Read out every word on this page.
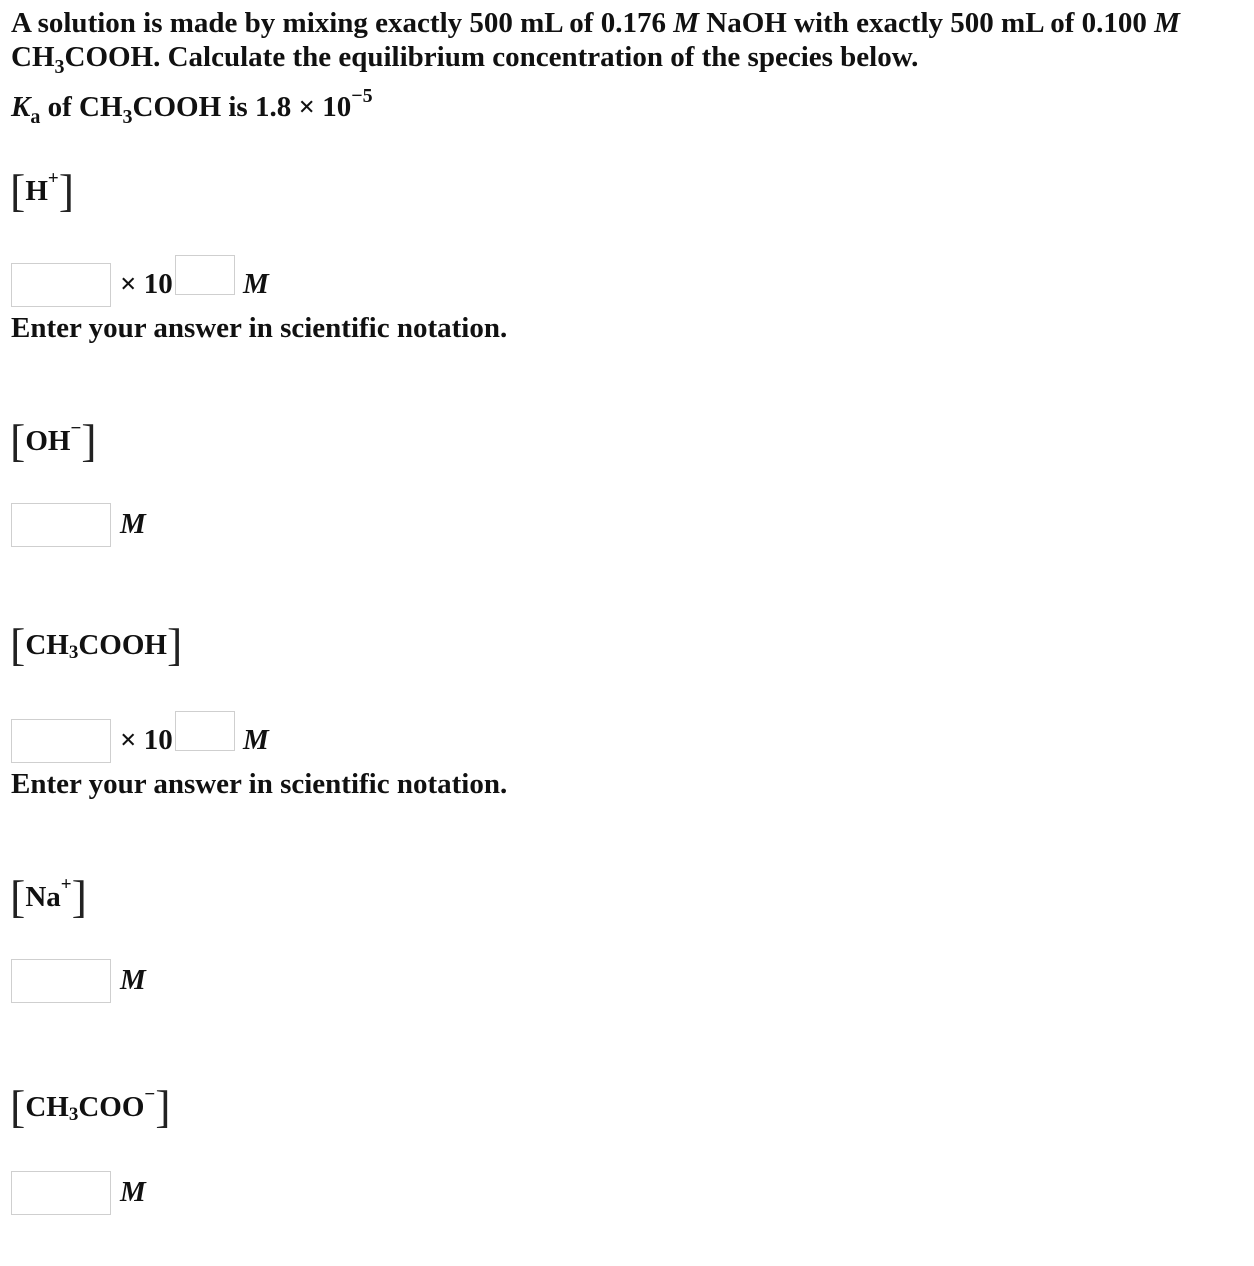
A solution is made by mixing exactly 500 mL of 0.176 M NaOH with exactly 500 mL of 0.100 M
$CH_3COOH$. Calculate the equilibrium concentration of the species below.
$K_a$ of $CH_3COOH$ is $1.8 \times 10^{-5}$
[ H + ]
× 10 M
Enter your answer in scientific notation.
[ OH − ]
M
[ CH 3 COOH ]
× 10 M
Enter your answer in scientific notation.
[ Na + ]
M
[ CH 3 COO − ]
M
